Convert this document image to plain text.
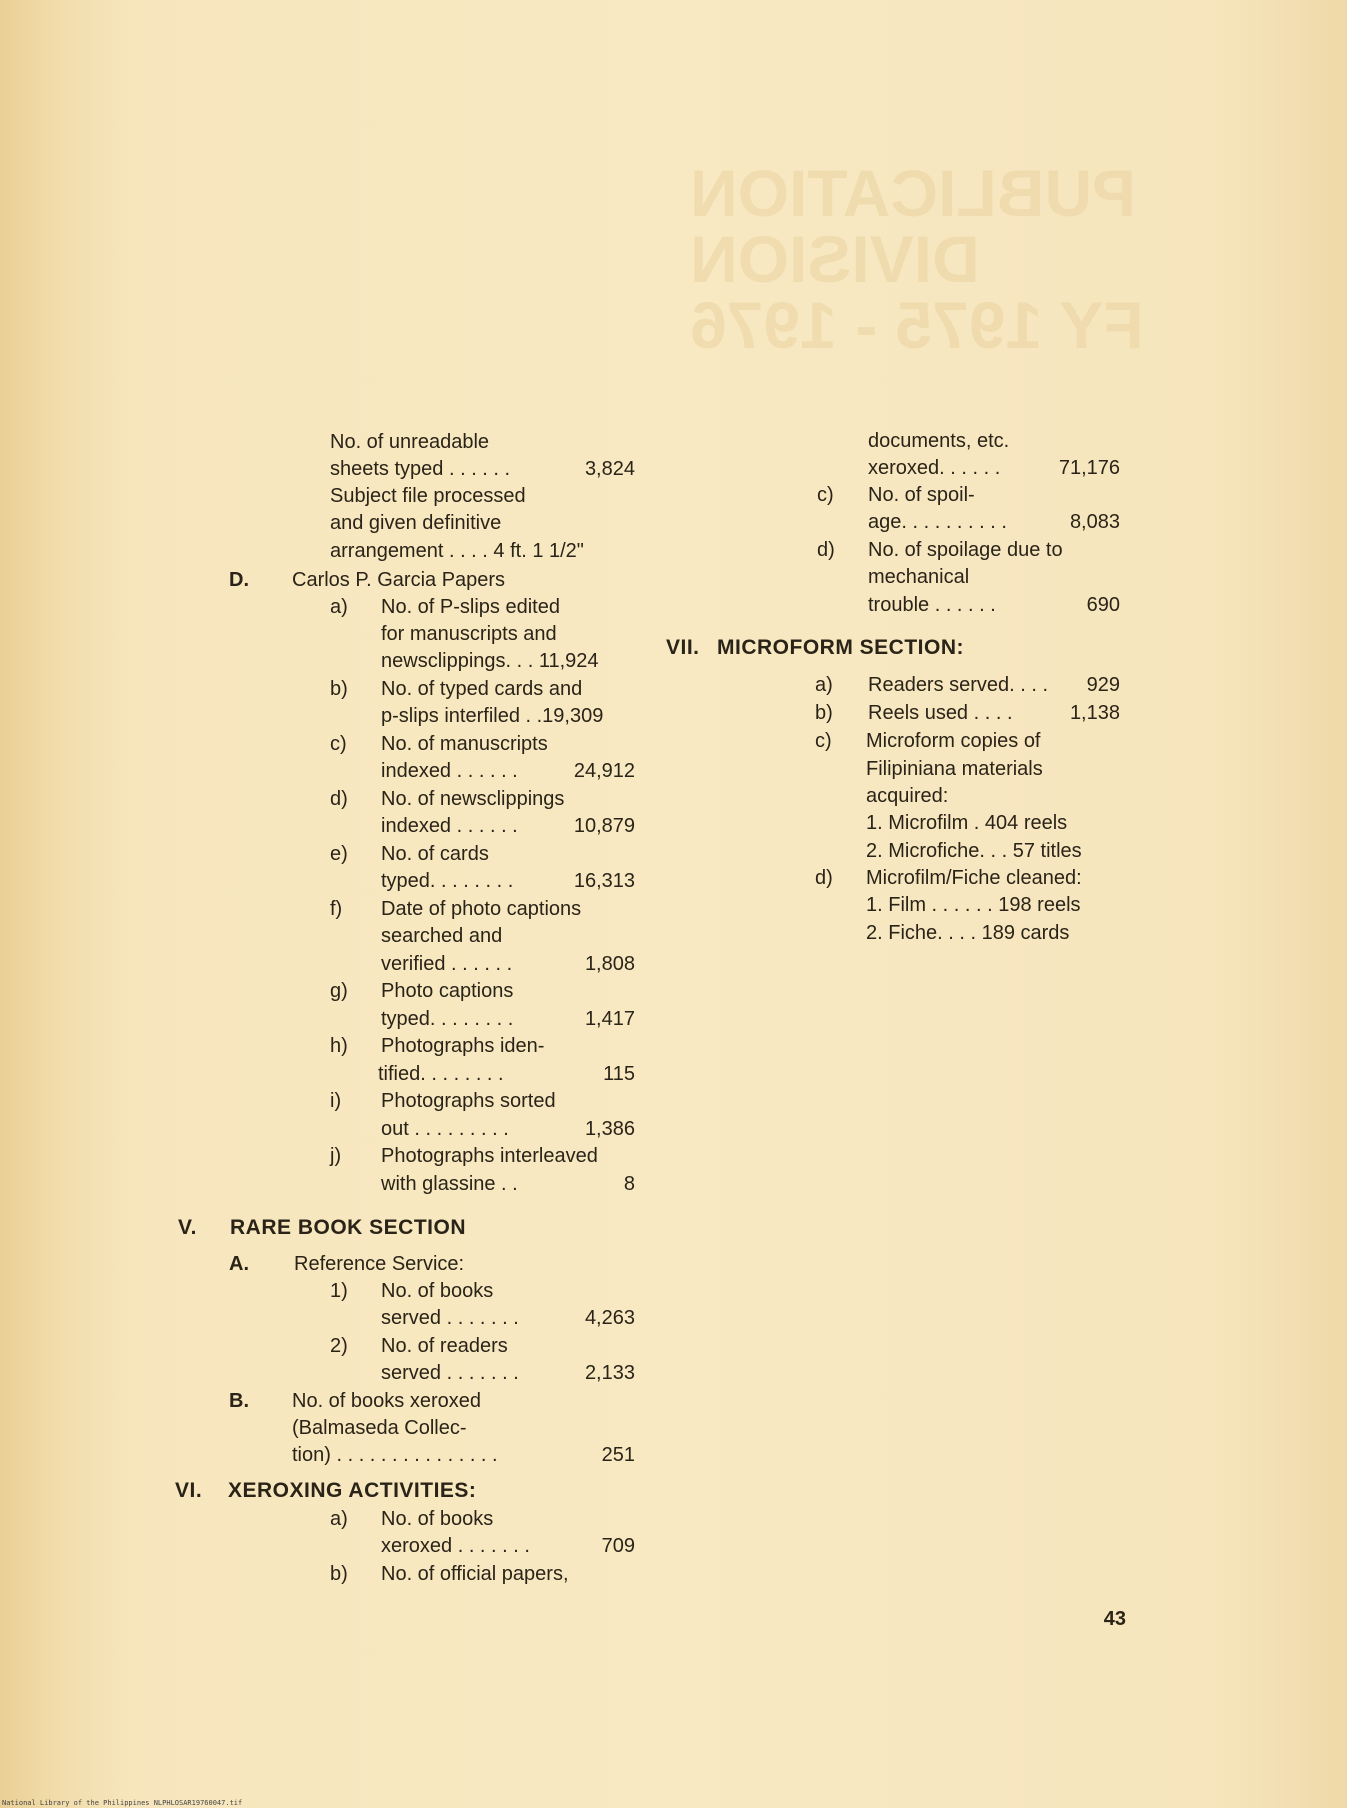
PUBLICATION
DIVISION
FY 1975 - 1976
No. of unreadable
sheets typed . . . . . .	3,824
Subject file processed
and given definitive
arrangement . . . . 4 ft. 1 1/2"
D. Carlos P. Garcia Papers
a) No. of P-slips edited
for manuscripts and
newsclippings. . . 11,924
b) No. of typed cards and
p-slips interfiled . .19,309
c) No. of manuscripts
indexed . . . . . .	24,912
d) No. of newsclippings
indexed . . . . . .	10,879
e) No. of cards
typed. . . . . . . .	16,313
f) Date of photo captions
searched and
verified . . . . . .	1,808
g) Photo captions
typed. . . . . . . .	1,417
h) Photographs iden-
tified. . . . . . . .	115
i) Photographs sorted
out . . . . . . . . .	1,386
j) Photographs interleaved
with glassine . .	8
V. RARE BOOK SECTION
A. Reference Service:
1) No. of books
served . . . . . . .	4,263
2) No. of readers
served . . . . . . .	2,133
B. No. of books xeroxed
(Balmaseda Collec-
tion) . . . . . . . . . . . . . . .	251
VI. XEROXING ACTIVITIES:
a) No. of books
xeroxed . . . . . . .	709
b) No. of official papers,
documents, etc.
xeroxed. . . . . .	71,176
c) No. of spoil-
age. . . . . . . . . .	8,083
d) No. of spoilage due to
mechanical
trouble . . . . . .	690
VII. MICROFORM SECTION:
a) Readers served. . . .	929
b) Reels used . . . .	1,138
c) Microform copies of
Filipiniana materials
acquired:
1. Microfilm . 404 reels
2. Microfiche. . . 57 titles
d) Microfilm/Fiche cleaned:
1. Film . . . . . . 198 reels
2. Fiche. . . . 189 cards
43
National Library of the Philippines NLPHLOSAR19760047.tif
